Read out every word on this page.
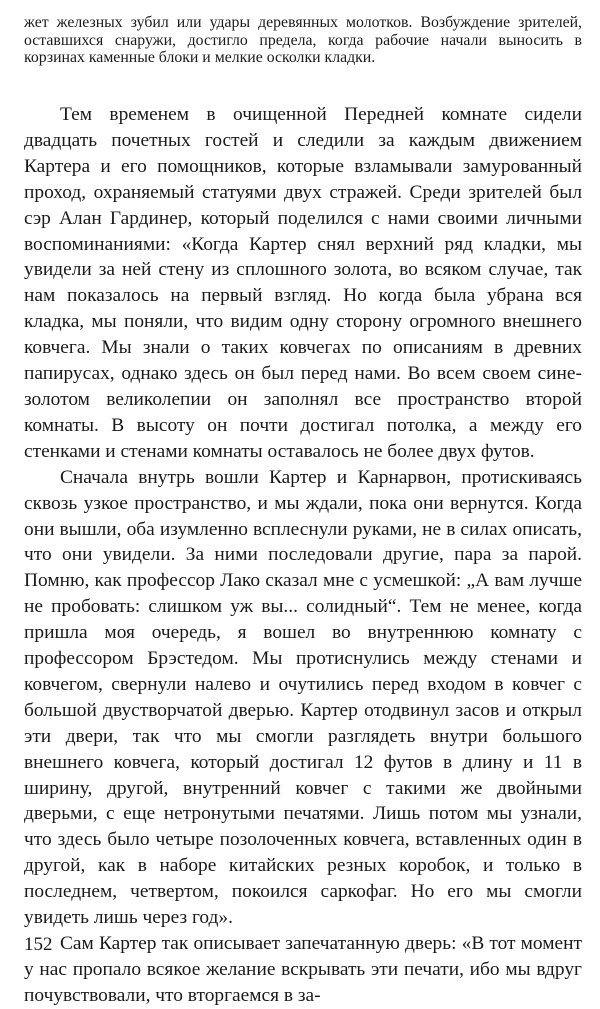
жет железных зубил или удары деревянных молотков. Возбуждение зрителей, оставшихся снаружи, достигло предела, когда рабочие начали выносить в корзинах каменные блоки и мелкие осколки кладки.
Тем временем в очищенной Передней комнате сидели двадцать почетных гостей и следили за каждым движением Картера и его помощников, которые взламывали замурованный проход, охраняемый статуями двух стражей. Среди зрителей был сэр Алан Гардинер, который поделился с нами своими личными воспоминаниями: «Когда Картер снял верхний ряд кладки, мы увидели за ней стену из сплошного золота, во всяком случае, так нам показалось на первый взгляд. Но когда была убрана вся кладка, мы поняли, что видим одну сторону огромного внешнего ковчега. Мы знали о таких ковчегах по описаниям в древних папирусах, однако здесь он был перед нами. Во всем своем сине-золотом великолепии он заполнял все пространство второй комнаты. В высоту он почти достигал потолка, а между его стенками и стенами комнаты оставалось не более двух футов.
Сначала внутрь вошли Картер и Карнарвон, протискиваясь сквозь узкое пространство, и мы ждали, пока они вернутся. Когда они вышли, оба изумленно всплеснули руками, не в силах описать, что они увидели. За ними последовали другие, пара за парой. Помню, как профессор Лако сказал мне с усмешкой: „А вам лучше не пробовать: слишком уж вы... солидный“. Тем не менее, когда пришла моя очередь, я вошел во внутреннюю комнату с профессором Брэстедом. Мы протиснулись между стенами и ковчегом, свернули налево и очутились перед входом в ковчег с большой двустворчатой дверью. Картер отодвинул засов и открыл эти двери, так что мы смогли разглядеть внутри большого внешнего ковчега, который достигал 12 футов в длину и 11 в ширину, другой, внутренний ковчег с такими же двойными дверьми, с еще нетронутыми печатями. Лишь потом мы узнали, что здесь было четыре позолоченных ковчега, вставленных один в другой, как в наборе китайских резных коробок, и только в последнем, четвертом, покоился саркофаг. Но его мы смогли увидеть лишь через год».
Сам Картер так описывает запечатанную дверь: «В тот момент у нас пропало всякое желание вскрывать эти печати, ибо мы вдруг почувствовали, что вторгаемся в за-
152
